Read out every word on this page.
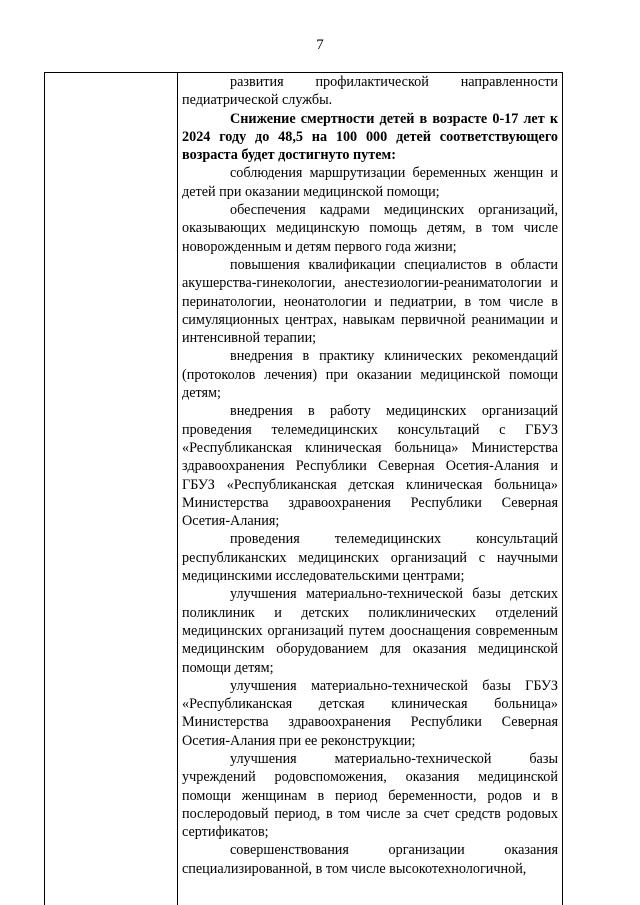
7

развития профилактической направленности педиатрической службы.

Снижение смертности детей в возрасте 0-17 лет к 2024 году до 48,5 на 100 000 детей соответствующего возраста будет достигнуто путем:

соблюдения маршрутизации беременных женщин и детей при оказании медицинской помощи;

обеспечения кадрами медицинских организаций, оказывающих медицинскую помощь детям, в том числе новорожденным и детям первого года жизни;

повышения квалификации специалистов в области акушерства-гинекологии, анестезиологии-реаниматологии и перинатологии, неонатологии и педиатрии, в том числе в симуляционных центрах, навыкам первичной реанимации и интенсивной терапии;

внедрения в практику клинических рекомендаций (протоколов лечения) при оказании медицинской помощи детям;

внедрения в работу медицинских организаций проведения телемедицинских консультаций с ГБУЗ «Республиканская клиническая больница» Министерства здравоохранения Республики Северная Осетия-Алания и ГБУЗ «Республиканская детская клиническая больница» Министерства здравоохранения Республики Северная Осетия-Алания;

проведения телемедицинских консультаций республиканских медицинских организаций с научными медицинскими исследовательскими центрами;

улучшения материально-технической базы детских поликлиник и детских поликлинических отделений медицинских организаций путем дооснащения современным медицинским оборудованием для оказания медицинской помощи детям;

улучшения материально-технической базы ГБУЗ «Республиканская детская клиническая больница» Министерства здравоохранения Республики Северная Осетия-Алания при ее реконструкции;

улучшения материально-технической базы учреждений родовспоможения, оказания медицинской помощи женщинам в период беременности, родов и в послеродовый период, в том числе за счет средств родовых сертификатов;

совершенствования организации оказания специализированной, в том числе высокотехнологичной,
